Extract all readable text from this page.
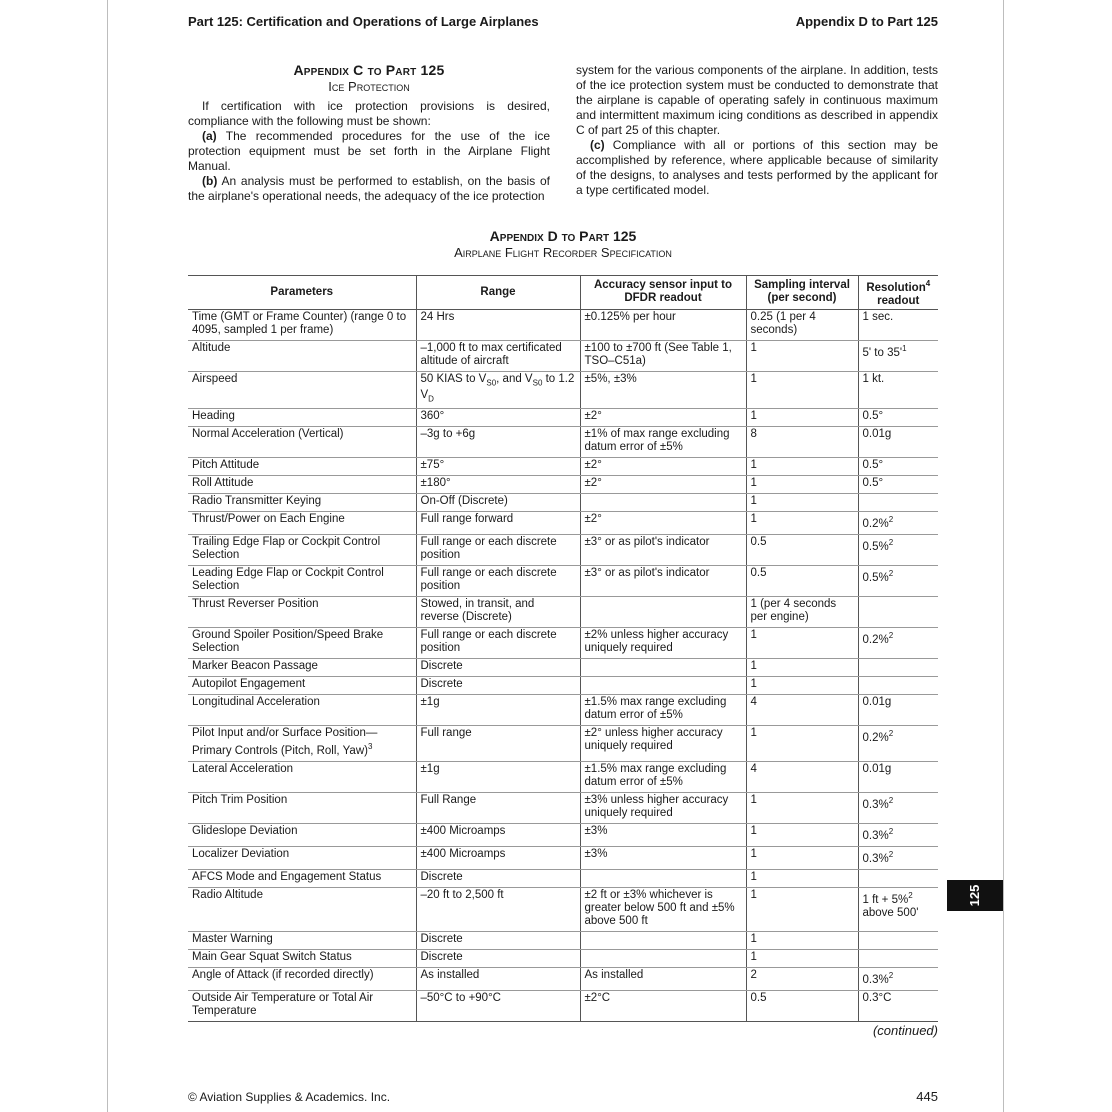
Part 125: Certification and Operations of Large Airplanes	Appendix D to Part 125
Appendix C to Part 125
Ice Protection

If certification with ice protection provisions is desired, compliance with the following must be shown:

(a) The recommended procedures for the use of the ice protection equipment must be set forth in the Airplane Flight Manual.

(b) An analysis must be performed to establish, on the basis of the airplane's operational needs, the adequacy of the ice protection

system for the various components of the airplane. In addition, tests of the ice protection system must be conducted to demonstrate that the airplane is capable of operating safely in continuous maximum and intermittent maximum icing conditions as described in appendix C of part 25 of this chapter.

(c) Compliance with all or portions of this section may be accomplished by reference, where applicable because of similarity of the designs, to analyses and tests performed by the applicant for a type certificated model.

Appendix D to Part 125
Airplane Flight Recorder Specification
Parameters	Range	Accuracy sensor input to DFDR readout	Sampling interval (per second)	Resolution$^4$
readout
Time (GMT or Frame Counter) (range 0 to 4095, sampled 1 per frame)	24 Hrs	±0.125% per hour	0.25 (1 per 4 seconds)	1 sec.
Altitude	–1,000 ft to max certificated altitude of aircraft	±100 to ±700 ft (See Table 1, TSO–C51a)	1	5' to $35'^1$
Airspeed	50 KIAS to $V_{S0}$, and $V_{S0}$ to 1.2 $V_D$	±5%, ±3%	1	1 kt.
Heading	360°	±2°	1	0.5°
Normal Acceleration (Vertical)	–3g to +6g	±1% of max range excluding datum error of ±5%	8	0.01g
Pitch Attitude	±75°	±2°	1	0.5°
Roll Attitude	±180°	±2°	1	0.5°
Radio Transmitter Keying	On-Off (Discrete)		1	
Thrust/Power on Each Engine	Full range forward	±2°	1	0.2%$^2$
Trailing Edge Flap or Cockpit Control Selection	Full range or each discrete position	±3° or as pilot's indicator	0.5	0.5%$^2$
Leading Edge Flap or Cockpit Control Selection	Full range or each discrete position	±3° or as pilot's indicator	0.5	0.5%$^2$
Thrust Reverser Position	Stowed, in transit, and reverse (Discrete)		1 (per 4 seconds per engine)	
Ground Spoiler Position/Speed Brake Selection	Full range or each discrete position	±2% unless higher accuracy uniquely required	1	0.2%$^2$
Marker Beacon Passage	Discrete		1	
Autopilot Engagement	Discrete		1	
Longitudinal Acceleration	±1g	±1.5% max range excluding datum error of ±5%	4	0.01g
Pilot Input and/or Surface Position—Primary Controls (Pitch, Roll, Yaw)$^3$	Full range	±2° unless higher accuracy uniquely required	1	0.2%$^2$
Lateral Acceleration	±1g	±1.5% max range excluding datum error of ±5%	4	0.01g
Pitch Trim Position	Full Range	±3% unless higher accuracy uniquely required	1	0.3%$^2$
Glideslope Deviation	±400 Microamps	±3%	1	0.3%$^2$
Localizer Deviation	±400 Microamps	±3%	1	0.3%$^2$
AFCS Mode and Engagement Status	Discrete		1	
Radio Altitude	–20 ft to 2,500 ft	±2 ft or ±3% whichever is greater below 500 ft and ±5% above 500 ft	1	1 ft + 5%$^2$ above 500'
Master Warning	Discrete		1	
Main Gear Squat Switch Status	Discrete		1	
Angle of Attack (if recorded directly)	As installed	As installed	2	0.3%$^2$
Outside Air Temperature or Total Air Temperature	–50°C to +90°C	±2°C	0.5	0.3°C
(continued)
© Aviation Supplies & Academics. Inc.	445
125
